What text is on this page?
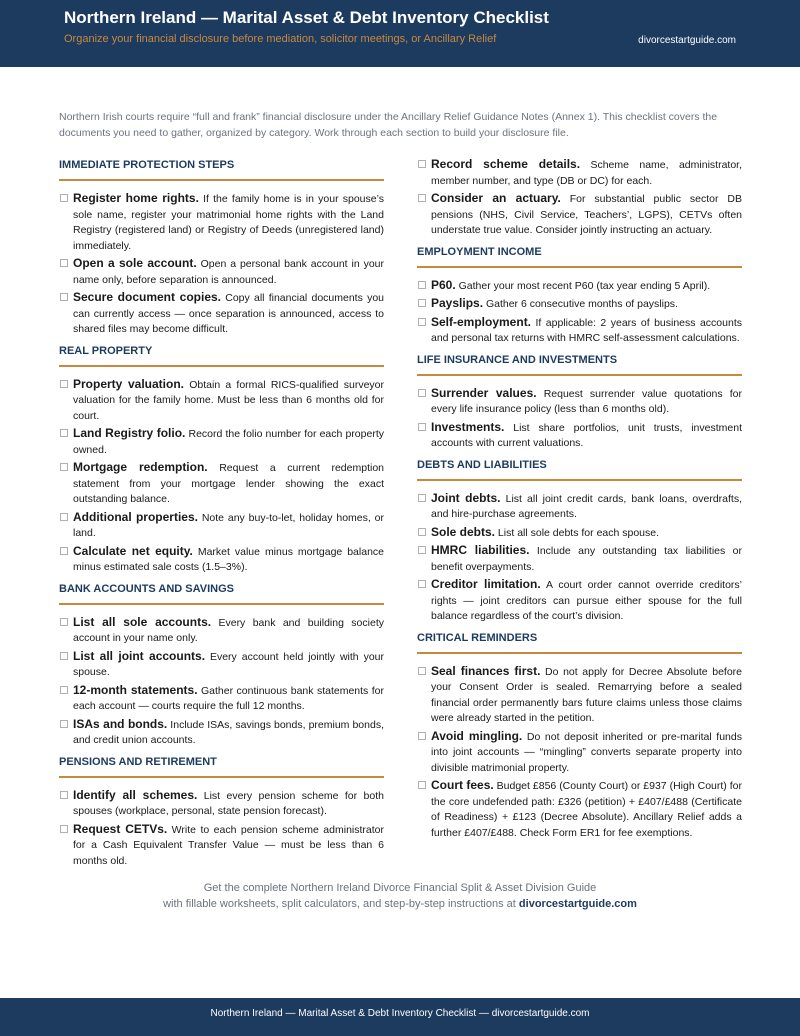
Northern Ireland — Marital Asset & Debt Inventory Checklist
Organize your financial disclosure before mediation, solicitor meetings, or Ancillary Relief	divorcestartguide.com
Northern Irish courts require “full and frank” financial disclosure under the Ancillary Relief Guidance Notes (Annex 1). This checklist covers the documents you need to gather, organized by category. Work through each section to build your disclosure file.
IMMEDIATE PROTECTION STEPS
Register home rights. If the family home is in your spouse’s sole name, register your matrimonial home rights with the Land Registry (registered land) or Registry of Deeds (unregistered land) immediately.
Open a sole account. Open a personal bank account in your name only, before separation is announced.
Secure document copies. Copy all financial documents you can currently access — once separation is announced, access to shared files may become difficult.
REAL PROPERTY
Property valuation. Obtain a formal RICS-qualified surveyor valuation for the family home. Must be less than 6 months old for court.
Land Registry folio. Record the folio number for each property owned.
Mortgage redemption. Request a current redemption statement from your mortgage lender showing the exact outstanding balance.
Additional properties. Note any buy-to-let, holiday homes, or land.
Calculate net equity. Market value minus mortgage balance minus estimated sale costs (1.5–3%).
BANK ACCOUNTS AND SAVINGS
List all sole accounts. Every bank and building society account in your name only.
List all joint accounts. Every account held jointly with your spouse.
12-month statements. Gather continuous bank statements for each account — courts require the full 12 months.
ISAs and bonds. Include ISAs, savings bonds, premium bonds, and credit union accounts.
PENSIONS AND RETIREMENT
Identify all schemes. List every pension scheme for both spouses (workplace, personal, state pension forecast).
Request CETVs. Write to each pension scheme administrator for a Cash Equivalent Transfer Value — must be less than 6 months old.
Record scheme details. Scheme name, administrator, member number, and type (DB or DC) for each.
Consider an actuary. For substantial public sector DB pensions (NHS, Civil Service, Teachers’, LGPS), CETVs often understate true value. Consider jointly instructing an actuary.
EMPLOYMENT INCOME
P60. Gather your most recent P60 (tax year ending 5 April).
Payslips. Gather 6 consecutive months of payslips.
Self-employment. If applicable: 2 years of business accounts and personal tax returns with HMRC self-assessment calculations.
LIFE INSURANCE AND INVESTMENTS
Surrender values. Request surrender value quotations for every life insurance policy (less than 6 months old).
Investments. List share portfolios, unit trusts, investment accounts with current valuations.
DEBTS AND LIABILITIES
Joint debts. List all joint credit cards, bank loans, overdrafts, and hire-purchase agreements.
Sole debts. List all sole debts for each spouse.
HMRC liabilities. Include any outstanding tax liabilities or benefit overpayments.
Creditor limitation. A court order cannot override creditors’ rights — joint creditors can pursue either spouse for the full balance regardless of the court’s division.
CRITICAL REMINDERS
Seal finances first. Do not apply for Decree Absolute before your Consent Order is sealed. Remarrying before a sealed financial order permanently bars future claims unless those claims were already started in the petition.
Avoid mingling. Do not deposit inherited or pre-marital funds into joint accounts — “mingling” converts separate property into divisible matrimonial property.
Court fees. Budget £856 (County Court) or £937 (High Court) for the core undefended path: £326 (petition) + £407/£488 (Certificate of Readiness) + £123 (Decree Absolute). Ancillary Relief adds a further £407/£488. Check Form ER1 for fee exemptions.
Get the complete Northern Ireland Divorce Financial Split & Asset Division Guide
with fillable worksheets, split calculators, and step-by-step instructions at divorcestartguide.com
Northern Ireland — Marital Asset & Debt Inventory Checklist — divorcestartguide.com
